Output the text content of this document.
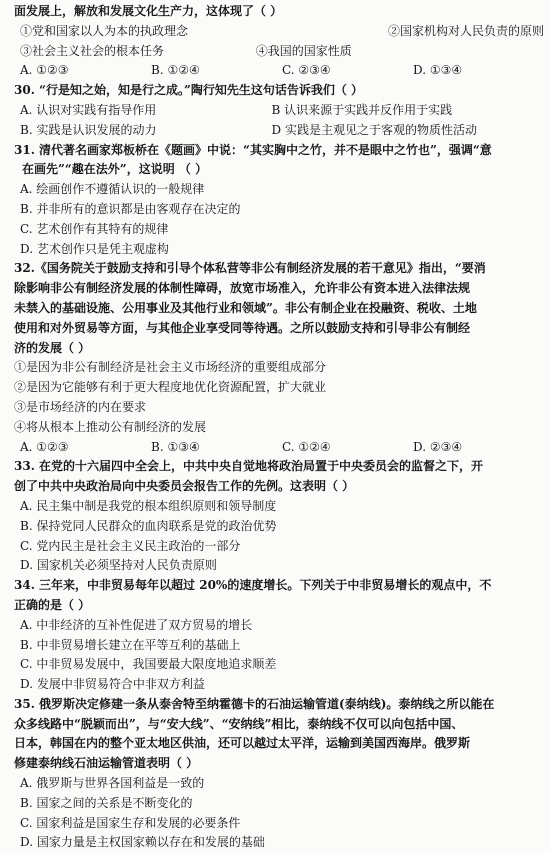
面发展上，解放和发展文化生产力，这体现了（ ）
①党和国家以人为本的执政理念	②国家机构对人民负责的原则
③社会主义社会的根本任务	④我国的国家性质
A. ①②③	B. ①②④	C. ②③④	D. ①③④
30. “行是知之始，知是行之成。”陶行知先生这句话告诉我们（ ）
A. 认识对实践有指导作用	B 认识来源于实践并反作用于实践
B. 实践是认识发展的动力	D 实践是主观见之于客观的物质性活动
31. 清代著名画家郑板桥在《题画》中说：“其实胸中之竹，并不是眼中之竹也”，强调“意
在画先”“趣在法外”，这说明 （ ）
A. 绘画创作不遵循认识的一般规律
B. 并非所有的意识都是由客观存在决定的
C. 艺术创作有其特有的规律
D. 艺术创作只是凭主观虚构
32.《国务院关于鼓励支持和引导个体私营等非公有制经济发展的若干意见》指出，“要消
除影响非公有制经济发展的体制性障碍，放宽市场准入，允许非公有资本进入法律法规
未禁入的基础设施、公用事业及其他行业和领域”。非公有制企业在投融资、税收、土地
使用和对外贸易等方面，与其他企业享受同等待遇。之所以鼓励支持和引导非公有制经
济的发展（ ）
①是因为非公有制经济是社会主义市场经济的重要组成部分
②是因为它能够有利于更大程度地优化资源配置，扩大就业
③是市场经济的内在要求
④将从根本上推动公有制经济的发展
A. ①②③	B. ①③④	C. ①②④	D. ②③④
33. 在党的十六届四中全会上，中共中央自觉地将政治局置于中央委员会的监督之下，开
创了中共中央政治局向中央委员会报告工作的先例。这表明（ ）
A. 民主集中制是我党的根本组织原则和领导制度
B. 保持党同人民群众的血肉联系是党的政治优势
C. 党内民主是社会主义民主政治的一部分
D. 国家机关必须坚持对人民负责原则
34. 三年来，中非贸易每年以超过 20%的速度增长。下列关于中非贸易增长的观点中，不
正确的是（ ）
A. 中非经济的互补性促进了双方贸易的增长
B. 中非贸易增长建立在平等互利的基础上
C. 中非贸易发展中，我国要最大限度地追求顺差
D. 发展中非贸易符合中非双方利益
35. 俄罗斯决定修建一条从泰舍特至纳霍德卡的石油运输管道(泰纳线)。泰纳线之所以能在
众多线路中“脱颖而出”，与“安大线”、“安纳线”相比，泰纳线不仅可以向包括中国、
日本，韩国在内的整个亚太地区供油，还可以越过太平洋，运输到美国西海岸。俄罗斯
修建泰纳线石油运输管道表明（ ）
A. 俄罗斯与世界各国利益是一致的
B. 国家之间的关系是不断变化的
C. 国家利益是国家生存和发展的必要条件
D. 国家力量是主权国家赖以存在和发展的基础
